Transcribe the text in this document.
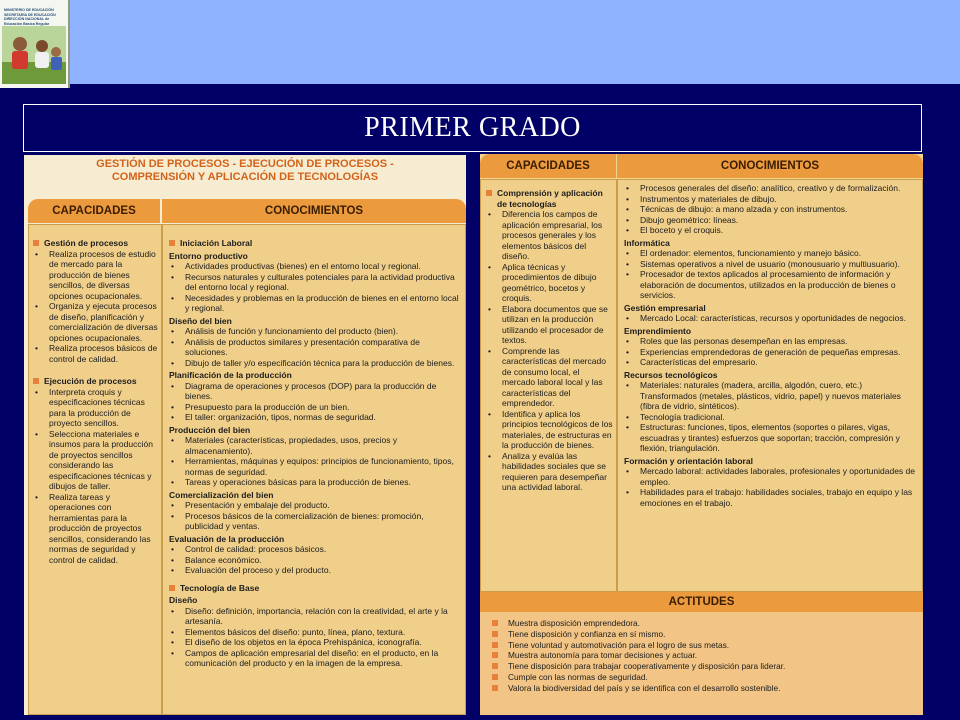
MINISTERIO DE EDUCACIÓN SECRETARÍA DE EDUCACIÓN DIRECCIÓN NACIONAL de Educación Básica Regular
PRIMER GRADO
GESTIÓN DE PROCESOS - EJECUCIÓN DE PROCESOS -
COMPRENSIÓN Y APLICACIÓN DE TECNOLOGÍAS
CAPACIDADES	CONOCIMIENTOS
Gestión de procesos
• Realiza procesos de estudio de mercado para la producción de bienes sencillos, de diversas opciones ocupacionales.
• Organiza y ejecuta procesos de diseño, planificación y comercialización de diversas opciones ocupacionales.
• Realiza procesos básicos de control de calidad.
Ejecución de procesos
• Interpreta croquis y especificaciones técnicas para la producción de proyecto sencillos.
• Selecciona materiales e insumos para la producción de proyectos sencillos considerando las especificaciones técnicas y dibujos de taller.
• Realiza tareas y operaciones con herramientas para la producción de proyectos sencillos, considerando las normas de seguridad y control de calidad.
Iniciación Laboral
Entorno productivo
• Actividades productivas (bienes) en el entorno local y regional.
• Recursos naturales y culturales potenciales para la actividad productiva del entorno local y regional.
• Necesidades y problemas en la producción de bienes en el entorno local y regional.
Diseño del bien
• Análisis de función y funcionamiento del producto (bien).
• Análisis de productos similares y presentación comparativa de soluciones.
• Dibujo de taller y/o especificación técnica para la producción de bienes.
Planificación de la producción
• Diagrama de operaciones y procesos (DOP) para la producción de bienes.
• Presupuesto para la producción de un bien.
• El taller: organización, tipos, normas de seguridad.
Producción del bien
• Materiales (características, propiedades, usos, precios y almacenamiento).
• Herramientas, máquinas y equipos: principios de funcionamiento, tipos, normas de seguridad.
• Tareas y operaciones básicas para la producción de bienes.
Comercialización del bien
• Presentación y embalaje del producto.
• Procesos básicos de la comercialización de bienes: promoción, publicidad y ventas.
Evaluación de la producción
• Control de calidad: procesos básicos.
• Balance económico.
• Evaluación del proceso y del producto.
Tecnología de Base
Diseño
• Diseño: definición, importancia, relación con la creatividad, el arte y la artesanía.
• Elementos básicos del diseño: punto, línea, plano, textura.
• El diseño de los objetos en la época Prehispánica, iconografía.
• Campos de aplicación empresarial del diseño: en el producto, en la comunicación del producto y en la imagen de la empresa.
CAPACIDADES	CONOCIMIENTOS
Comprensión y aplicación de tecnologías
• Diferencia los campos de aplicación empresarial, los procesos generales y los elementos básicos del diseño.
• Aplica técnicas y procedimientos de dibujo geométrico, bocetos y croquis.
• Elabora documentos que se utilizan en la producción utilizando el procesador de textos.
• Comprende las características del mercado de consumo local, el mercado laboral local y las características del emprendedor.
• Identifica y aplica los principios tecnológicos de los materiales, de estructuras en la producción de bienes.
• Analiza y evalúa las habilidades sociales que se requieren para desempeñar una actividad laboral.
• Procesos generales del diseño: analítico, creativo y de formalización.
• Instrumentos y materiales de dibujo.
• Técnicas de dibujo: a mano alzada y con instrumentos.
• Dibujo geométrico: líneas.
• El boceto y el croquis.
Informática
• El ordenador: elementos, funcionamiento y manejo básico.
• Sistemas operativos a nivel de usuario (monousuario y multiusuario).
• Procesador de textos aplicados al procesamiento de información y elaboración de documentos, utilizados en la producción de bienes o servicios.
Gestión empresarial
• Mercado Local: características, recursos y oportunidades de negocios.
Emprendimiento
• Roles que las personas desempeñan en las empresas.
• Experiencias emprendedoras de generación de pequeñas empresas.
• Características del empresario.
Recursos tecnológicos
• Materiales: naturales (madera, arcilla, algodón, cuero, etc.) Transformados (metales, plásticos, vidrio, papel) y nuevos materiales (fibra de vidrio, sintéticos).
• Tecnología tradicional.
• Estructuras: funciones, tipos, elementos (soportes o pilares, vigas, escuadras y tirantes) esfuerzos que soportan; tracción, compresión y flexión, triangulación.
Formación y orientación laboral
• Mercado laboral: actividades laborales, profesionales y oportunidades de empleo.
• Habilidades para el trabajo: habilidades sociales, trabajo en equipo y las emociones en el trabajo.
ACTITUDES
Muestra disposición emprendedora.
Tiene disposición y confianza en sí mismo.
Tiene voluntad y automotivación para el logro de sus metas.
Muestra autonomía para tomar decisiones y actuar.
Tiene disposición para trabajar cooperativamente y disposición para liderar.
Cumple con las normas de seguridad.
Valora la biodiversidad del país y se identifica con el desarrollo sostenible.
